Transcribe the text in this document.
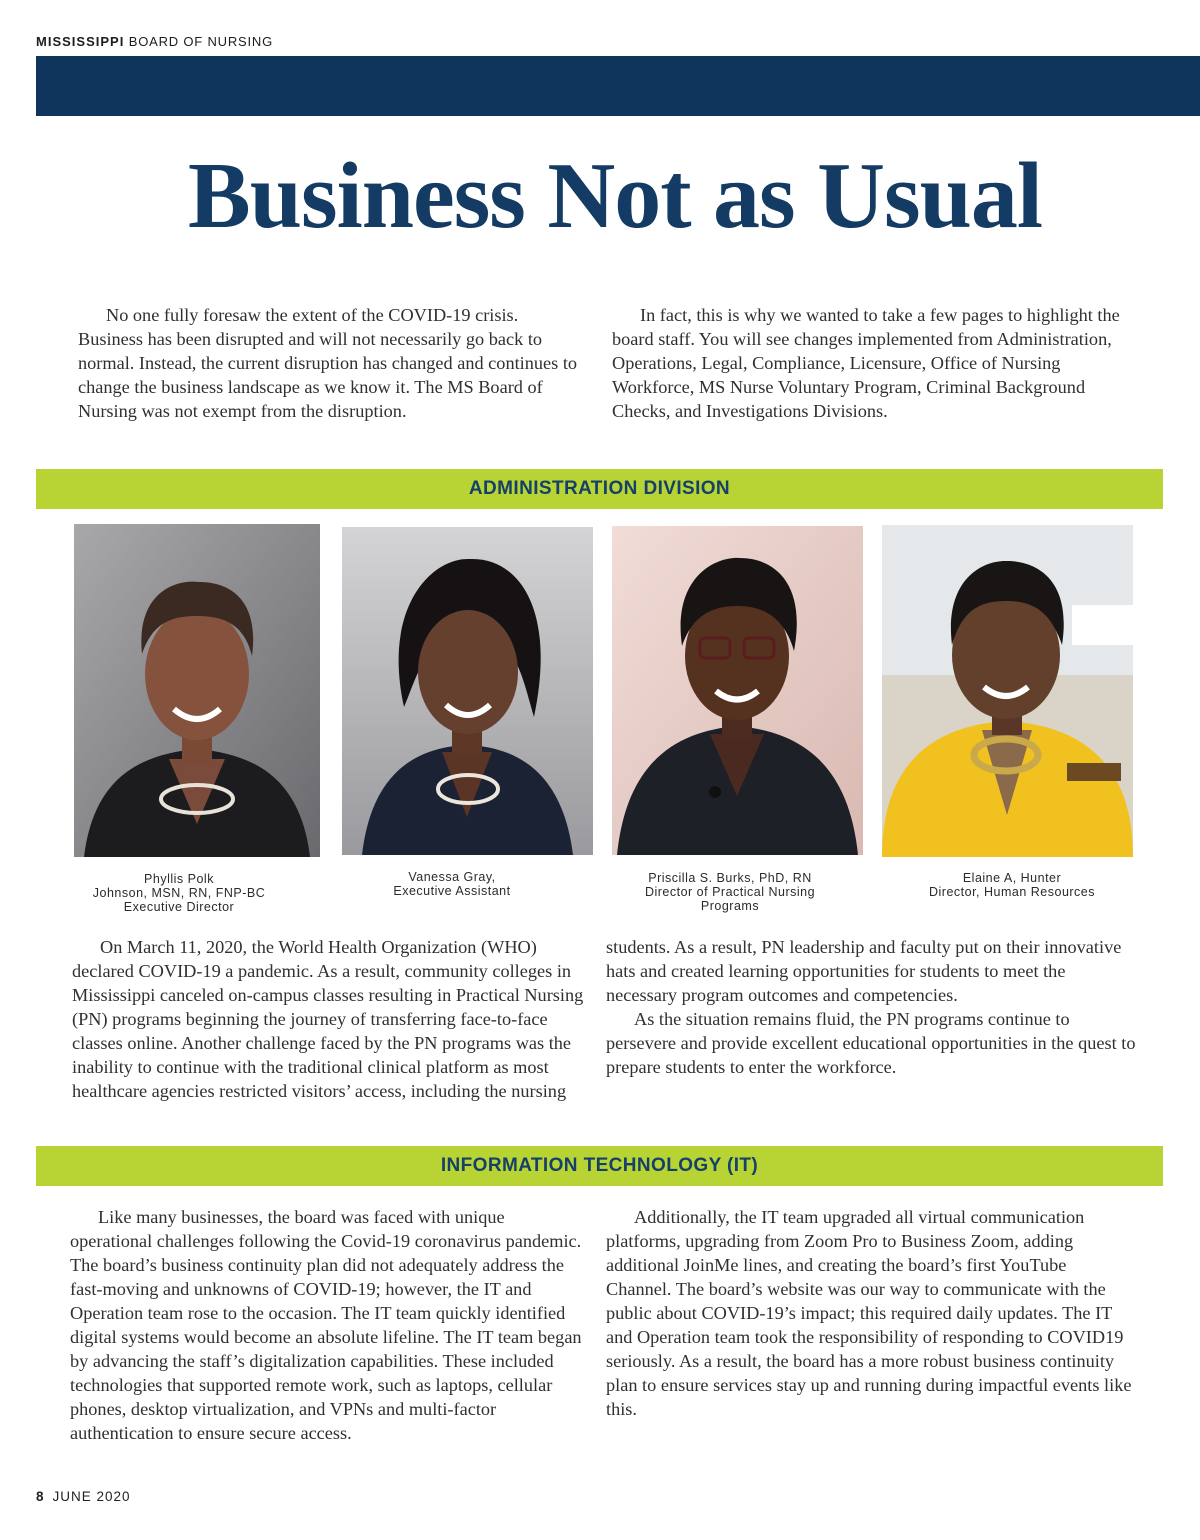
MISSISSIPPI BOARD OF NURSING
Business Not as Usual

No one fully foresaw the extent of the COVID-19 crisis. Business has been disrupted and will not necessarily go back to normal. Instead, the current disruption has changed and continues to change the business landscape as we know it. The MS Board of Nursing was not exempt from the disruption.

In fact, this is why we wanted to take a few pages to highlight the board staff. You will see changes implemented from Administration, Operations, Legal, Compliance, Licensure, Office of Nursing Workforce, MS Nurse Voluntary Program, Criminal Background Checks, and Investigations Divisions.

ADMINISTRATION DIVISION
Phyllis Polk
Johnson, MSN, RN, FNP-BC
Executive Director
Vanessa Gray,
Executive Assistant
Priscilla S. Burks, PhD, RN
Director of Practical Nursing
Programs
Elaine A, Hunter
Director, Human Resources

On March 11, 2020, the World Health Organization (WHO) declared COVID-19 a pandemic. As a result, community colleges in Mississippi canceled on-campus classes resulting in Practical Nursing (PN) programs beginning the journey of transferring face-to-face classes online. Another challenge faced by the PN programs was the inability to continue with the traditional clinical platform as most healthcare agencies restricted visitors’ access, including the nursing

students. As a result, PN leadership and faculty put on their innovative hats and created learning opportunities for students to meet the necessary program outcomes and competencies.

As the situation remains fluid, the PN programs continue to persevere and provide excellent educational opportunities in the quest to prepare students to enter the workforce.

INFORMATION TECHNOLOGY (IT)

Like many businesses, the board was faced with unique operational challenges following the Covid-19 coronavirus pandemic. The board’s business continuity plan did not adequately address the fast-moving and unknowns of COVID-19; however, the IT and Operation team rose to the occasion. The IT team quickly identified digital systems would become an absolute lifeline. The IT team began by advancing the staff’s digitalization capabilities. These included technologies that supported remote work, such as laptops, cellular phones, desktop virtualization, and VPNs and multi-factor authentication to ensure secure access.

Additionally, the IT team upgraded all virtual communication platforms, upgrading from Zoom Pro to Business Zoom, adding additional JoinMe lines, and creating the board’s first YouTube Channel. The board’s website was our way to communicate with the public about COVID-19’s impact; this required daily updates. The IT and Operation team took the responsibility of responding to COVID19 seriously. As a result, the board has a more robust business continuity plan to ensure services stay up and running during impactful events like this.

8 JUNE 2020
